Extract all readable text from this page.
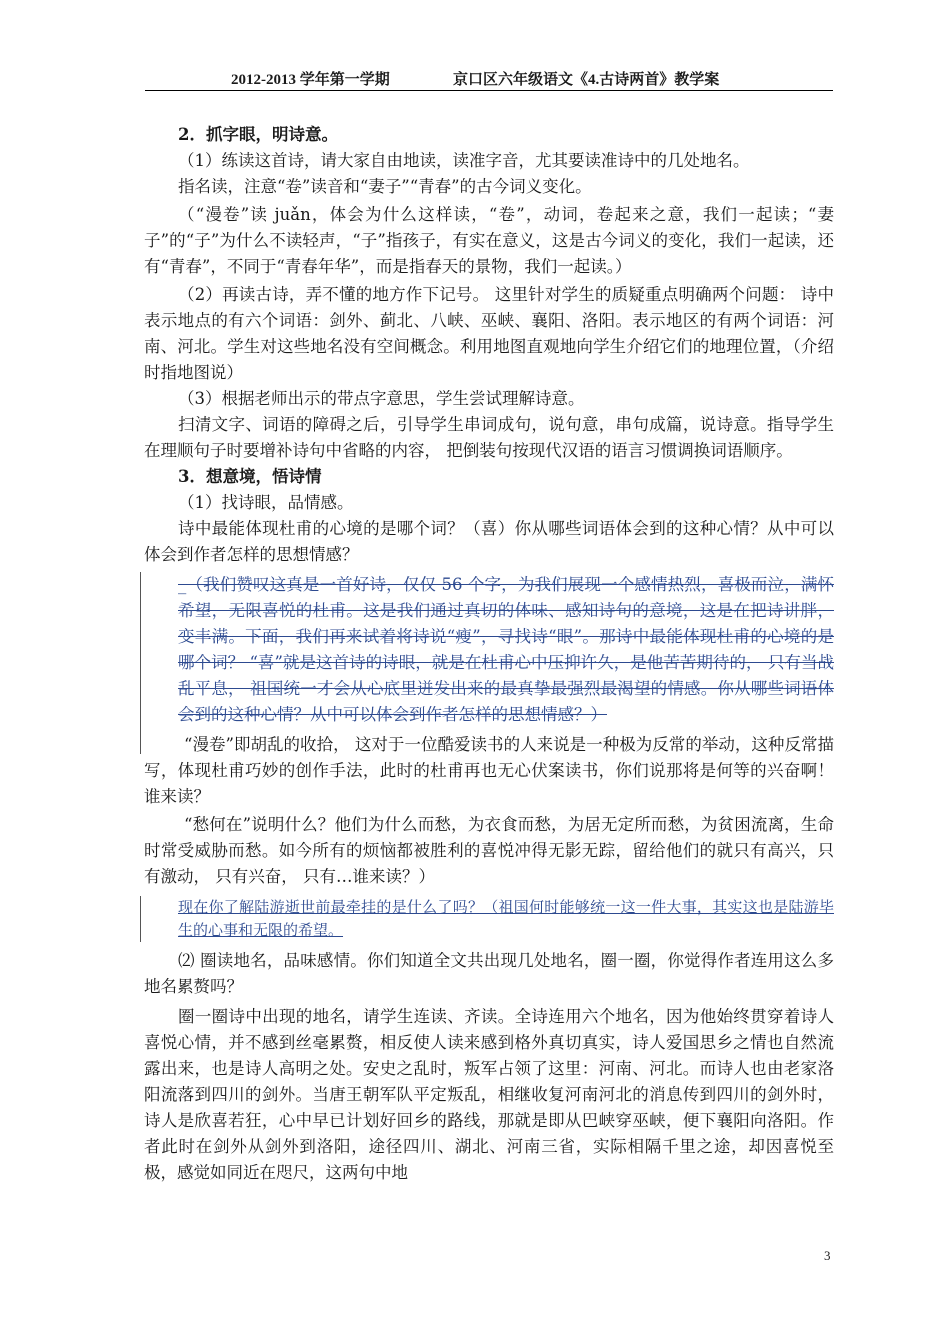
2012-2013 学年第一学期	京口区六年级语文《4.古诗两首》教学案

2．抓字眼，明诗意。

（1）练读这首诗，请大家自由地读，读准字音，尤其要读准诗中的几处地名。

指名读，注意“卷”读音和“妻子”“青春”的古今词义变化。

（“漫卷”读 juǎn，体会为什么这样读，“卷”，动词，卷起来之意，我们一起读；“妻子”的“子”为什么不读轻声，“子”指孩子，有实在意义，这是古今词义的变化，我们一起读，还有“青春”，不同于“青春年华”，而是指春天的景物，我们一起读。）

（2）再读古诗，弄不懂的地方作下记号。 这里针对学生的质疑重点明确两个问题： 诗中表示地点的有六个词语：剑外、蓟北、八峡、巫峡、襄阳、洛阳。表示地区的有两个词语：河南、河北。学生对这些地名没有空间概念。利用地图直观地向学生介绍它们的地理位置，（介绍时指地图说）

（3）根据老师出示的带点字意思，学生尝试理解诗意。

扫清文字、词语的障碍之后，引导学生串词成句，说句意，串句成篇，说诗意。指导学生在理顺句子时要增补诗句中省略的内容， 把倒装句按现代汉语的语言习惯调换词语顺序。

3．想意境，悟诗情

（1）找诗眼，品情感。

诗中最能体现杜甫的心境的是哪个词？（喜）你从哪些词语体会到的这种心情？从中可以体会到作者怎样的思想情感？

_（我们赞叹这真是一首好诗，仅仅 56 个字，为我们展现一个感情热烈，喜极而泣，满怀希望，无限喜悦的杜甫。这是我们通过真切的体味、感知诗句的意境，这是在把诗讲胖，变丰满。下面，我们再来试着将诗说“瘦”，寻找诗“眼”。那诗中最能体现杜甫的心境的是哪个词？ “喜”就是这首诗的诗眼，就是在杜甫心中压抑许久，是他苦苦期待的， 只有当战乱平息， 祖国统一才会从心底里迸发出来的最真挚最强烈最渴望的情感。你从哪些词语体会到的这种心情？从中可以体会到作者怎样的思想情感？）

“漫卷”即胡乱的收拾， 这对于一位酷爱读书的人来说是一种极为反常的举动，这种反常描写，体现杜甫巧妙的创作手法，此时的杜甫再也无心伏案读书，你们说那将是何等的兴奋啊！谁来读？

“愁何在”说明什么？他们为什么而愁，为衣食而愁，为居无定所而愁，为贫困流离，生命时常受威胁而愁。如今所有的烦恼都被胜利的喜悦冲得无影无踪，留给他们的就只有高兴，只有激动， 只有兴奋， 只有…谁来读？）

现在你了解陆游逝世前最牵挂的是什么了吗？（祖国何时能够统一这一件大事，其实这也是陆游毕生的心事和无限的希望。

⑵ 圈读地名，品味感情。你们知道全文共出现几处地名，圈一圈，你觉得作者连用这么多地名累赘吗？

圈一圈诗中出现的地名，请学生连读、齐读。全诗连用六个地名，因为他始终贯穿着诗人喜悦心情，并不感到丝毫累赘，相反使人读来感到格外真切真实，诗人爱国思乡之情也自然流露出来，也是诗人高明之处。安史之乱时，叛军占领了这里：河南、河北。而诗人也由老家洛阳流落到四川的剑外。当唐王朝军队平定叛乱，相继收复河南河北的消息传到四川的剑外时，诗人是欣喜若狂，心中早已计划好回乡的路线，那就是即从巴峡穿巫峡，便下襄阳向洛阳。作者此时在剑外从剑外到洛阳，途径四川、湖北、河南三省，实际相隔千里之途，却因喜悦至极，感觉如同近在咫尺，这两句中地

3
